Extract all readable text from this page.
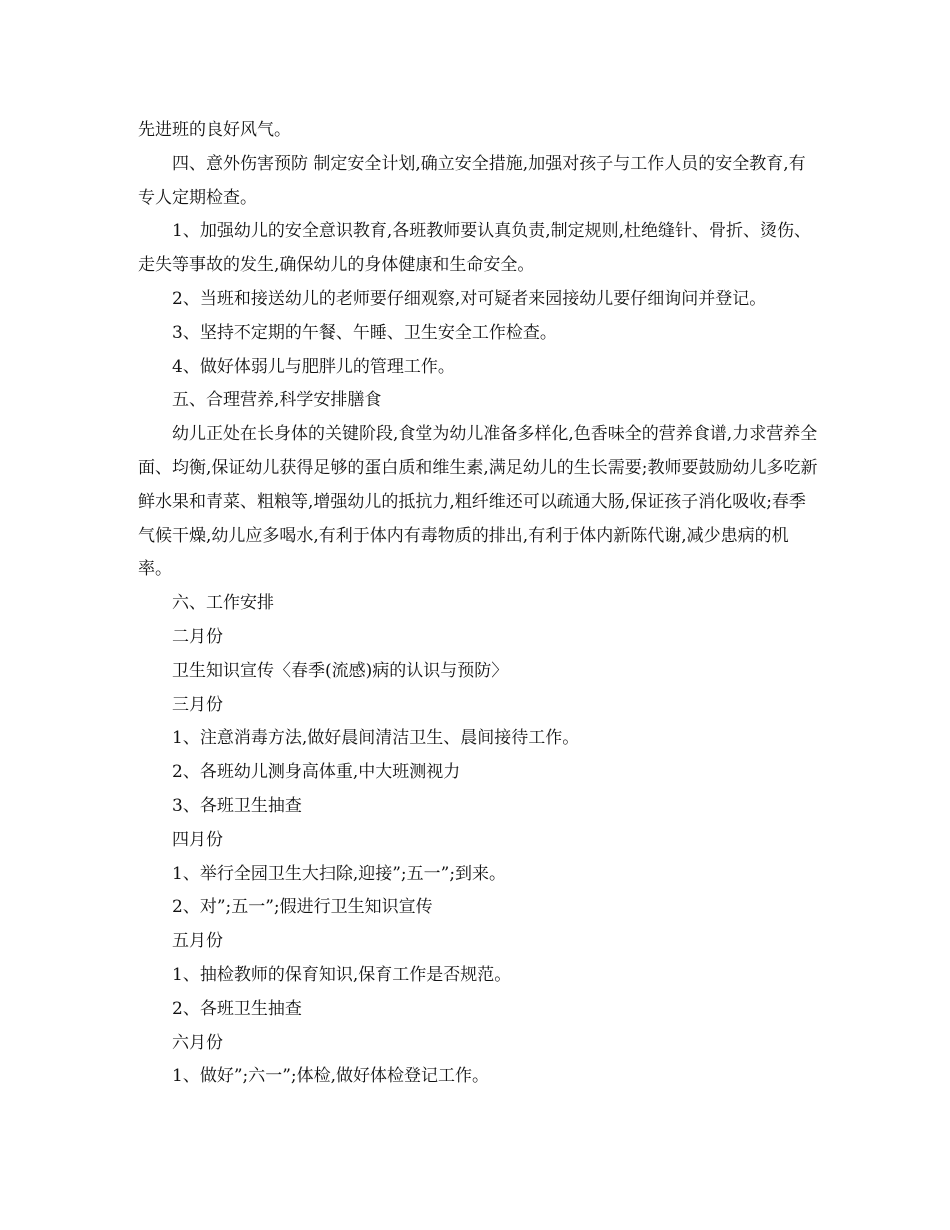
先进班的良好风气。

四、意外伤害预防 制定安全计划,确立安全措施,加强对孩子与工作人员的安全教育,有专人定期检查。

1、加强幼儿的安全意识教育,各班教师要认真负责,制定规则,杜绝缝针、骨折、烫伤、走失等事故的发生,确保幼儿的身体健康和生命安全。

2、当班和接送幼儿的老师要仔细观察,对可疑者来园接幼儿要仔细询问并登记。

3、坚持不定期的午餐、午睡、卫生安全工作检查。

4、做好体弱儿与肥胖儿的管理工作。

五、合理营养,科学安排膳食

幼儿正处在长身体的关键阶段,食堂为幼儿准备多样化,色香味全的营养食谱,力求营养全面、均衡,保证幼儿获得足够的蛋白质和维生素,满足幼儿的生长需要;教师要鼓励幼儿多吃新鲜水果和青菜、粗粮等,增强幼儿的抵抗力,粗纤维还可以疏通大肠,保证孩子消化吸收;春季气候干燥,幼儿应多喝水,有利于体内有毒物质的排出,有利于体内新陈代谢,减少患病的机率。

六、工作安排

二月份

卫生知识宣传〈春季(流感)病的认识与预防〉

三月份

1、注意消毒方法,做好晨间清洁卫生、晨间接待工作。

2、各班幼儿测身高体重,中大班测视力

3、各班卫生抽查

四月份

1、举行全园卫生大扫除,迎接”;五一”;到来。

2、对”;五一”;假进行卫生知识宣传

五月份

1、抽检教师的保育知识,保育工作是否规范。

2、各班卫生抽查

六月份

1、做好”;六一”;体检,做好体检登记工作。
